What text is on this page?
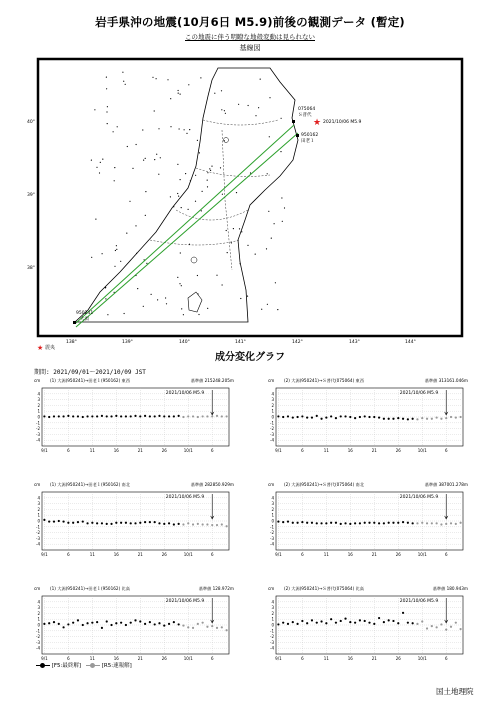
岩手県沖の地震(10月6日 M5.9)前後の観測データ (暫定)
この地震に伴う明瞭な地殻変動は見られない
基線図
075064
Ｓ普代
950162
田老１
950241
大潟
★ 2021/10/06 M5.9
40°
39°
38°
138°	139°	140°	141°	142°	143°	144°
★ 震央
成分変化グラフ
期間: 2021/09/01～2021/10/09 JST
cm (1) 大潟(950241)→田老１(950162) 東西	基準値 215248.205m
4
3
2
1
0
-1
-2
-3
-4
9/1	6	11	16	21	26	10/1	6
2021/10/06 M5.9
cm (2) 大潟(950241)→Ｓ普代(075064) 東西	基準値 313161.046m
4
3
2
1
0
-1
-2
-3
-4
9/1	6	11	16	21	26	10/1	6
2021/10/06 M5.9
cm (1) 大潟(950241)→田老１(950162) 南北	基準値 282850.929m
4
3
2
1
0
-1
-2
-3
-4
9/1	6	11	16	21	26	10/1	6
2021/10/06 M5.9
cm (2) 大潟(950241)→Ｓ普代(075064) 南北	基準値 387001.278m
4
3
2
1
0
-1
-2
-3
-4
9/1	6	11	16	21	26	10/1	6
2021/10/06 M5.9
cm (1) 大潟(950241)→田老１(950162) 比高	基準値 128.972m
4
3
2
1
0
-1
-2
-3
-4
9/1	6	11	16	21	26	10/1	6
2021/10/06 M5.9
cm (2) 大潟(950241)→Ｓ普代(075064) 比高	基準値 180.943m
4
3
2
1
0
-1
-2
-3
-4
9/1	6	11	16	21	26	10/1	6
2021/10/06 M5.9
[F5:最終解]	[R5:速報解]
国土地理院
